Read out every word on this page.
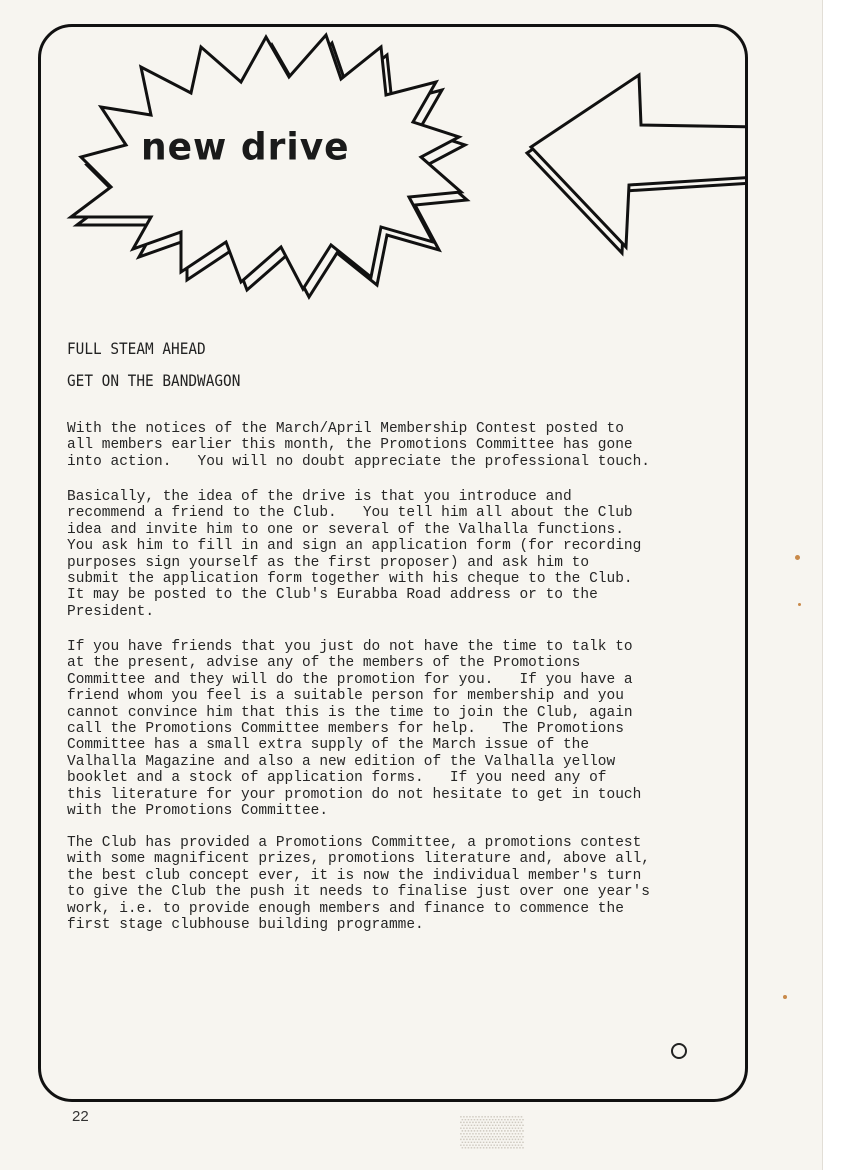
▒▒▒
new drive
FULL STEAM AHEAD
GET ON THE BANDWAGON

With the notices of the March/April Membership Contest posted to
all members earlier this month, the Promotions Committee has gone
into action.   You will no doubt appreciate the professional touch.

Basically, the idea of the drive is that you introduce and
recommend a friend to the Club.   You tell him all about the Club
idea and invite him to one or several of the Valhalla functions.
You ask him to fill in and sign an application form (for recording
purposes sign yourself as the first proposer) and ask him to
submit the application form together with his cheque to the Club.
It may be posted to the Club's Eurabba Road address or to the
President.

If you have friends that you just do not have the time to talk to
at the present, advise any of the members of the Promotions
Committee and they will do the promotion for you.   If you have a
friend whom you feel is a suitable person for membership and you
cannot convince him that this is the time to join the Club, again
call the Promotions Committee members for help.   The Promotions
Committee has a small extra supply of the March issue of the
Valhalla Magazine and also a new edition of the Valhalla yellow
booklet and a stock of application forms.   If you need any of
this literature for your promotion do not hesitate to get in touch
with the Promotions Committee.

The Club has provided a Promotions Committee, a promotions contest
with some magnificent prizes, promotions literature and, above all,
the best club concept ever, it is now the individual member's turn
to give the Club the push it needs to finalise just over one year's
work, i.e. to provide enough members and finance to commence the
first stage clubhouse building programme.

22
